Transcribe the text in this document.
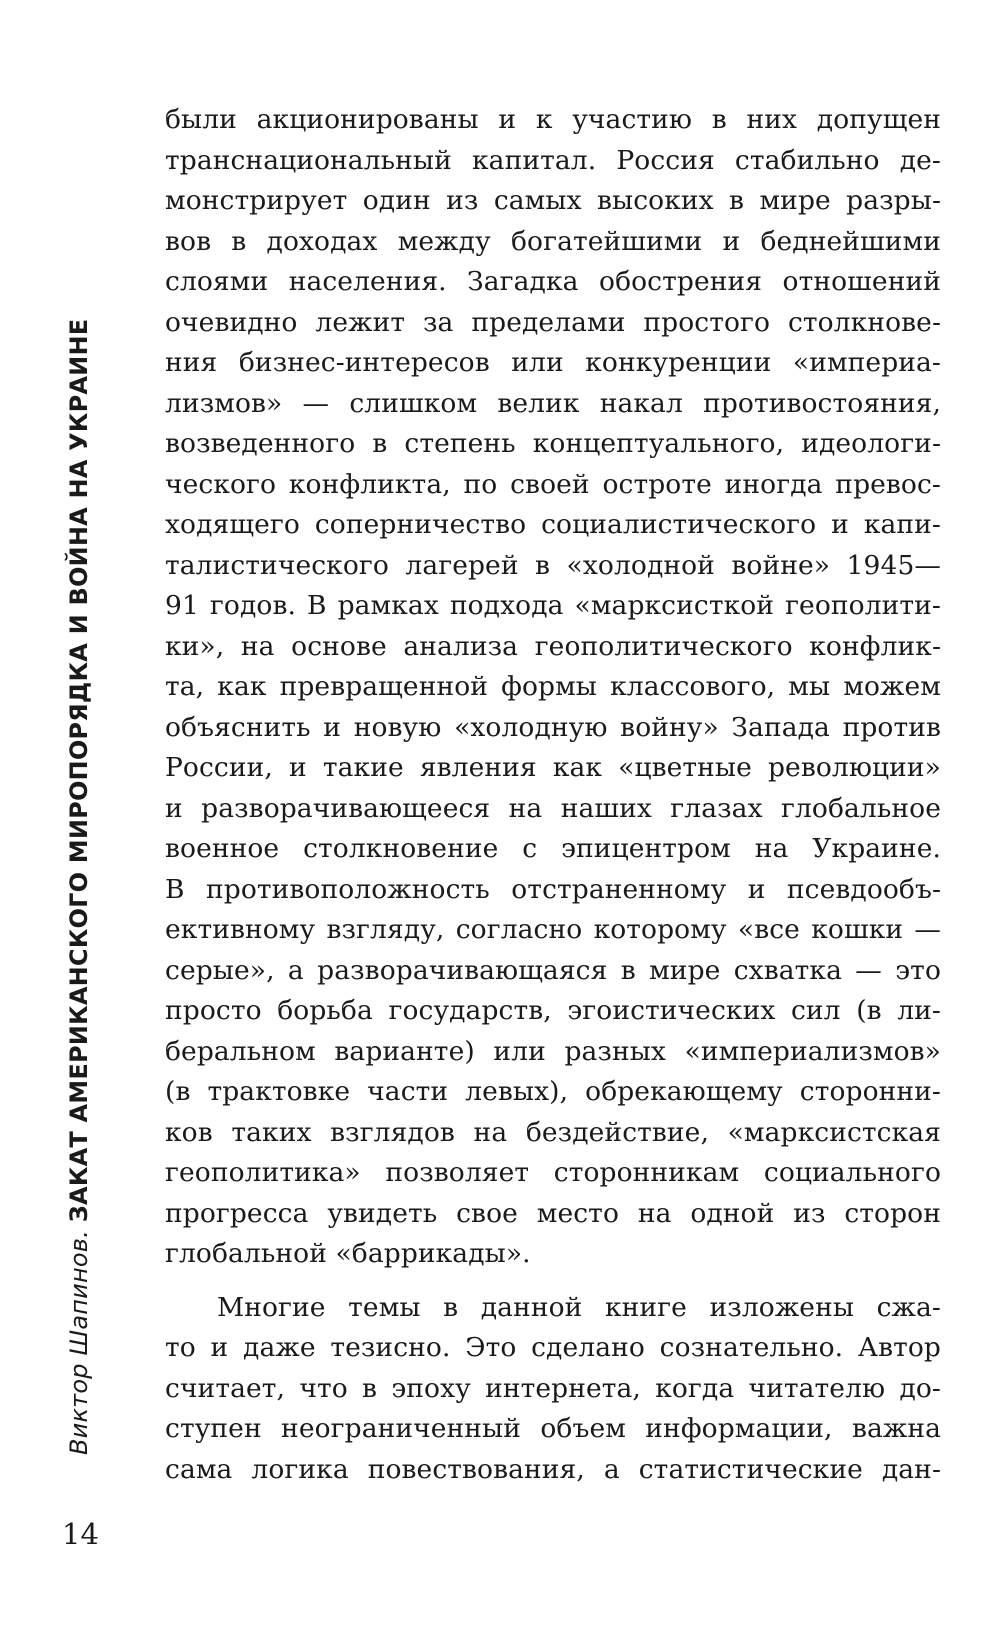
Виктор Шапинов. ЗАКАТ АМЕРИКАНСКОГО МИРОПОРЯДКА И ВОЙНА НА УКРАИНЕ
были акционированы и к участию в них допущен
транснациональный капитал. Россия стабильно де-
монстрирует один из самых высоких в мире разры-
вов в доходах между богатейшими и беднейшими
слоями населения. Загадка обострения отношений
очевидно лежит за пределами простого столкнове-
ния бизнес-интересов или конкуренции «империа-
лизмов» — слишком велик накал противостояния,
возведенного в степень концептуального, идеологи-
ческого конфликта, по своей остроте иногда превос-
ходящего соперничество социалистического и капи-
талистического лагерей в «холодной войне» 1945—
91 годов. В рамках подхода «марксисткой геополити-
ки», на основе анализа геополитического конфлик-
та, как превращенной формы классового, мы можем
объяснить и новую «холодную войну» Запада против
России, и такие явления как «цветные революции»
и разворачивающееся на наших глазах глобальное
военное столкновение с эпицентром на Украине.
В противоположность отстраненному и псевдообъ-
ективному взгляду, согласно которому «все кошки —
серые», а разворачивающаяся в мире схватка — это
просто борьба государств, эгоистических сил (в ли-
беральном варианте) или разных «империализмов»
(в трактовке части левых), обрекающему сторонни-
ков таких взглядов на бездействие, «марксистская
геополитика» позволяет сторонникам социального
прогресса увидеть свое место на одной из сторон
глобальной «баррикады».
Многие темы в данной книге изложены сжа-
то и даже тезисно. Это сделано сознательно. Автор
считает, что в эпоху интернета, когда читателю до-
ступен неограниченный объем информации, важна
сама логика повествования, а статистические дан-
14
